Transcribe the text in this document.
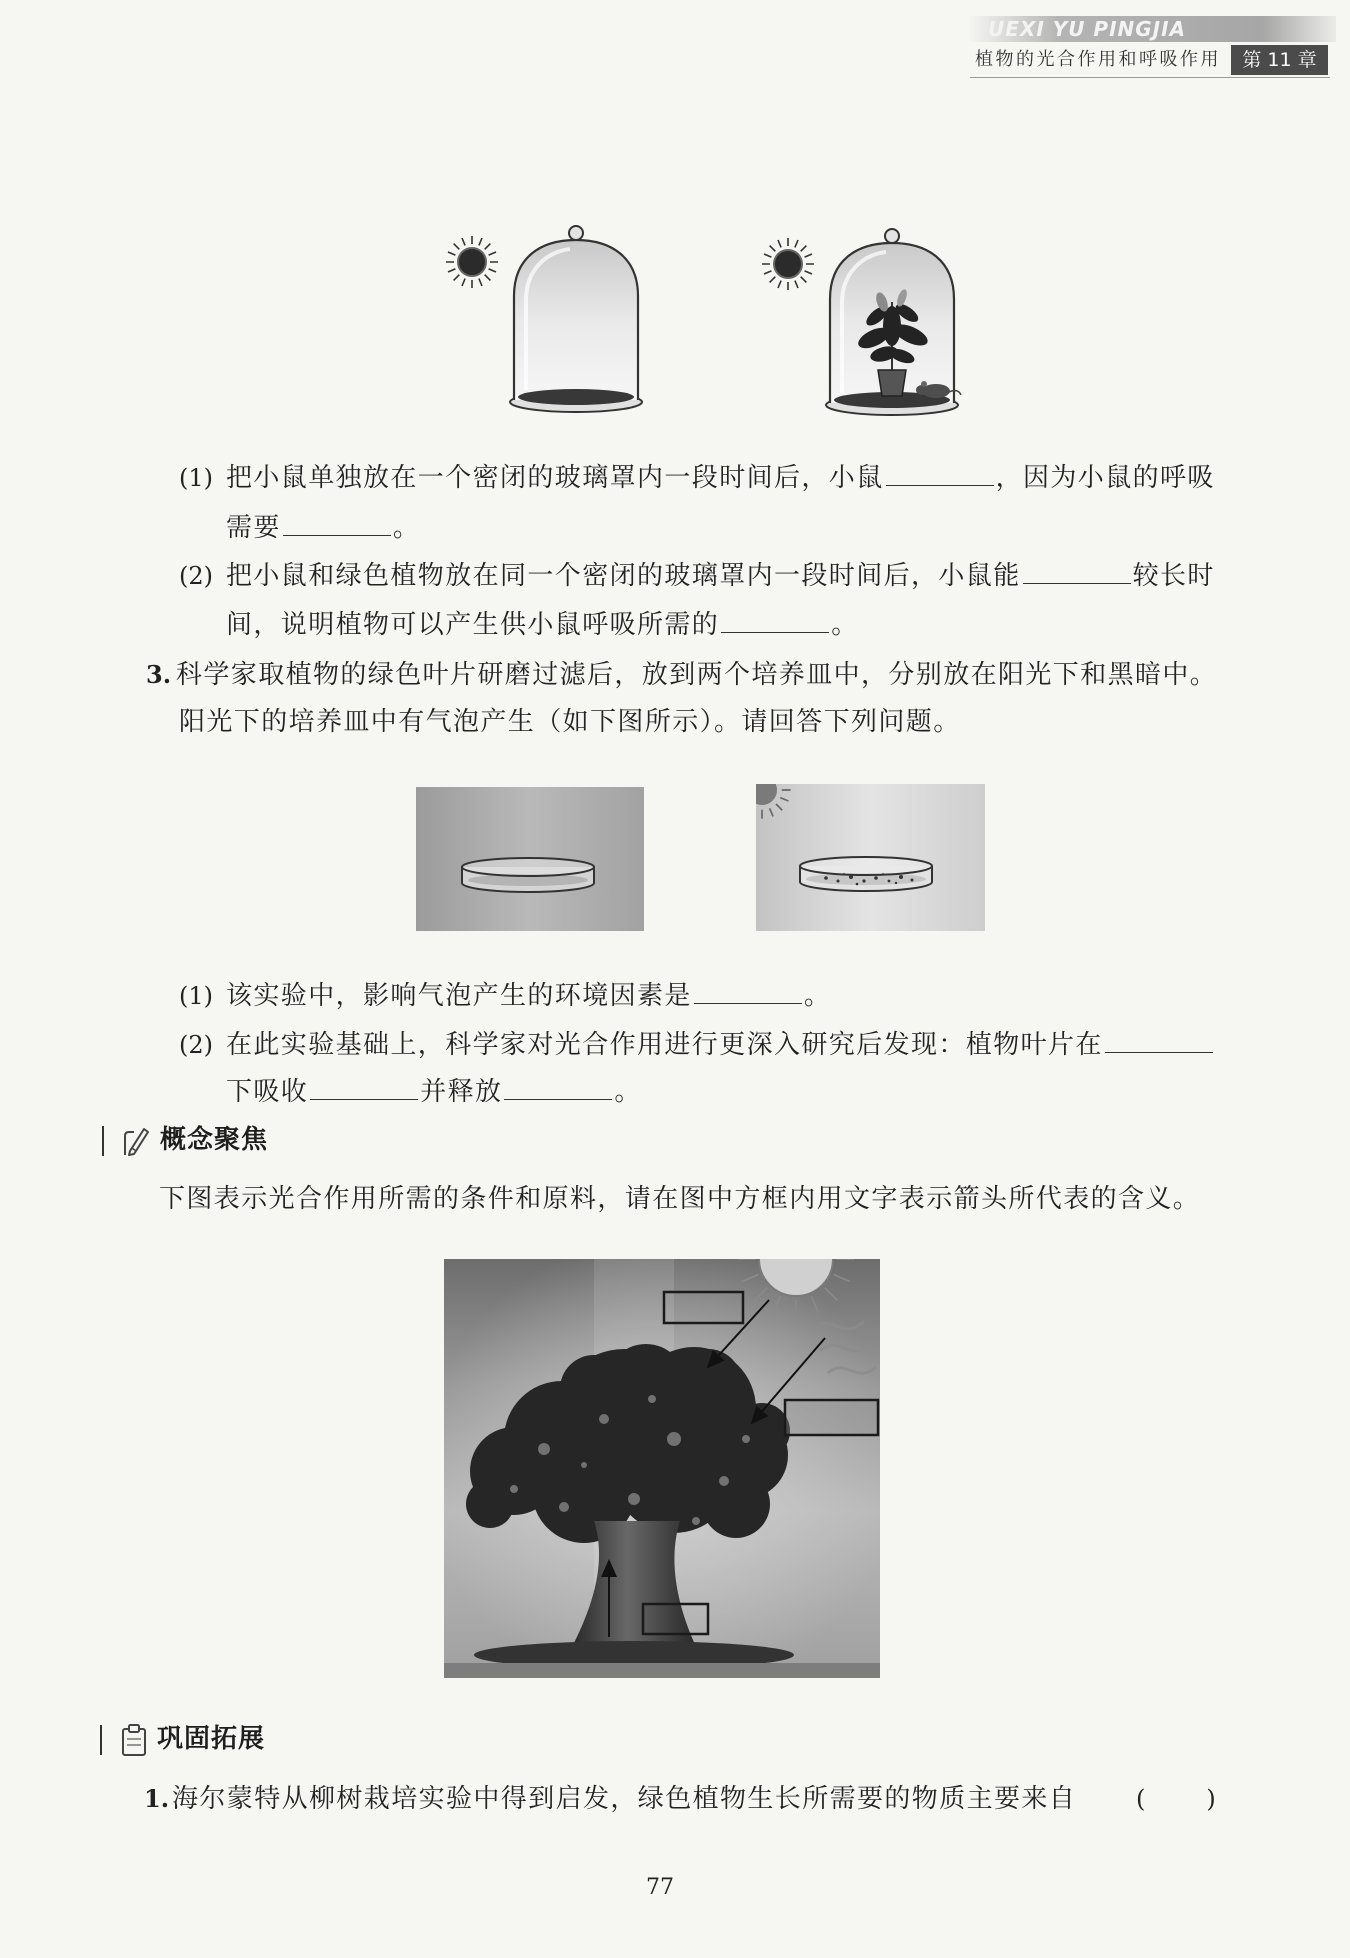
UEXI YU PINGJIA
植物的光合作用和呼吸作用	第 11 章
(1) 把小鼠单独放在一个密闭的玻璃罩内一段时间后，小鼠	，因为小鼠的呼吸
需要	。
(2) 把小鼠和绿色植物放在同一个密闭的玻璃罩内一段时间后，小鼠能	较长时
间，说明植物可以产生供小鼠呼吸所需的	。
3. 科学家取植物的绿色叶片研磨过滤后，放到两个培养皿中，分别放在阳光下和黑暗中。
阳光下的培养皿中有气泡产生（如下图所示）。请回答下列问题。
(1) 该实验中，影响气泡产生的环境因素是	。
(2) 在此实验基础上，科学家对光合作用进行更深入研究后发现：植物叶片在
下吸收	并释放	。
概念聚焦
下图表示光合作用所需的条件和原料，请在图中方框内用文字表示箭头所代表的含义。
巩固拓展
1. 海尔蒙特从柳树栽培实验中得到启发，绿色植物生长所需要的物质主要来自 (        )
77
